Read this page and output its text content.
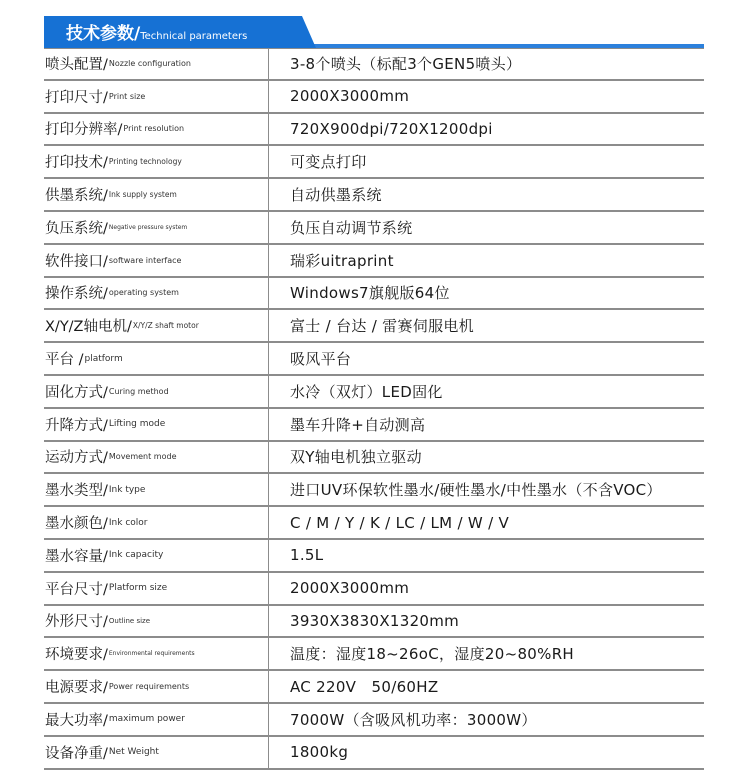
技术参数/Technical parameters
喷头配置/ Nozzle configuration	3-8个喷头（标配3个GEN5喷头）
打印尺寸/ Print size	2000X3000mm
打印分辨率/ Print resolution	720X900dpi/720X1200dpi
打印技术/ Printing technology	可变点打印
供墨系统/ Ink supply system	自动供墨系统
负压系统/ Negative pressure system	负压自动调节系统
软件接口/ software interface	瑞彩uitraprint
操作系统/ operating system	Windows7旗舰版64位
X/Y/Z轴电机/ X/Y/Z shaft motor	富士 / 台达 / 雷赛伺服电机
平台 / platform	吸风平台
固化方式/ Curing method	水冷（双灯）LED固化
升降方式/ Lifting mode	墨车升降+自动测高
运动方式/ Movement mode	双Y轴电机独立驱动
墨水类型/ Ink type	进口UV环保软性墨水/硬性墨水/中性墨水（不含VOC）
墨水颜色/ Ink color	C / M / Y / K / LC / LM / W / V
墨水容量/ Ink capacity	1.5L
平台尺寸/ Platform size	2000X3000mm
外形尺寸/ Outline size	3930X3830X1320mm
环境要求/ Environmental requirements	温度：湿度18~26oC，湿度20~80%RH
电源要求/ Power requirements	AC 220V　50/60HZ
最大功率/ maximum power	7000W（含吸风机功率：3000W）
设备净重/ Net Weight	1800kg
